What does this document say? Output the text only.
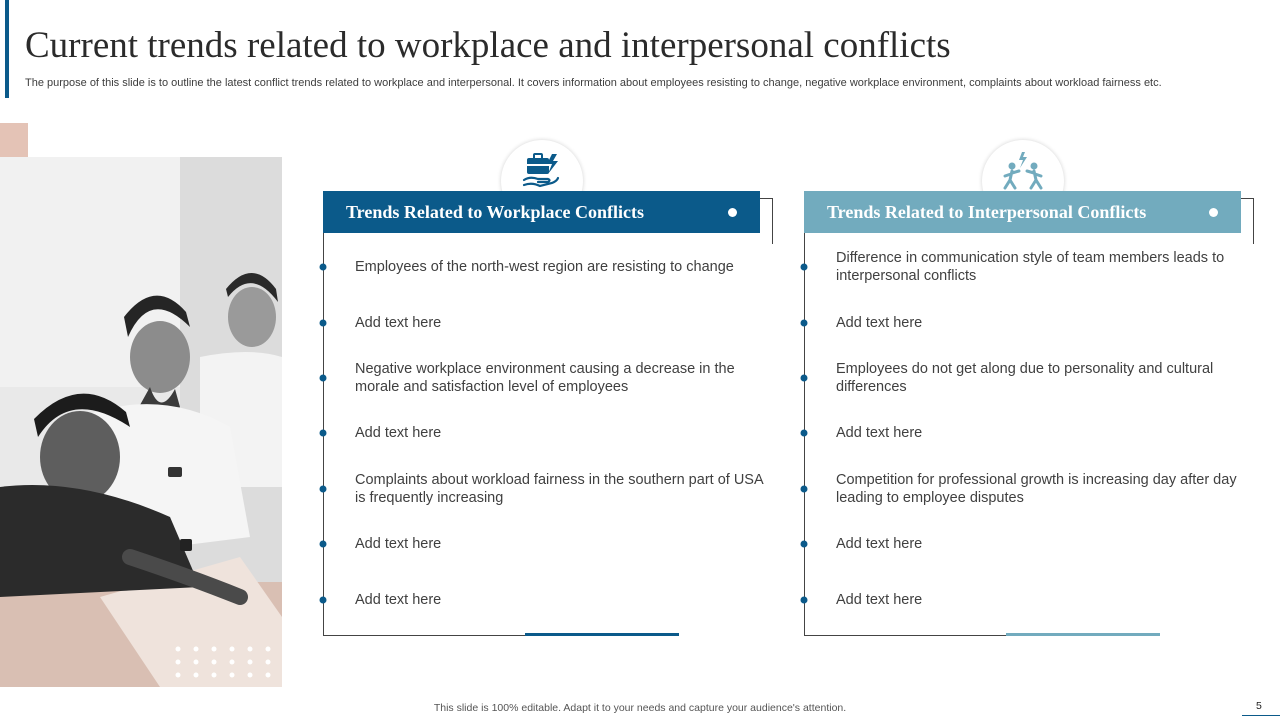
Current trends related to workplace and interpersonal conflicts
The purpose of this slide is to outline the latest conflict trends related to workplace and interpersonal. It covers information about employees resisting to change, negative workplace environment, complaints about workload fairness etc.
Trends Related to Workplace Conflicts
Employees of the north-west region are resisting to change
Add text here
Negative workplace environment causing a decrease in the morale and satisfaction level of employees
Add text here
Complaints about workload fairness in the southern part of USA is frequently increasing
Add text here
Add text here
Trends Related to Interpersonal Conflicts
Difference in communication style of team members leads to interpersonal conflicts
Add text here
Employees do not get along due to personality and cultural differences
Add text here
Competition for professional growth is increasing day after day leading to employee disputes
Add text here
Add text here
This slide is 100% editable. Adapt it to your needs and capture your audience's attention.	5
